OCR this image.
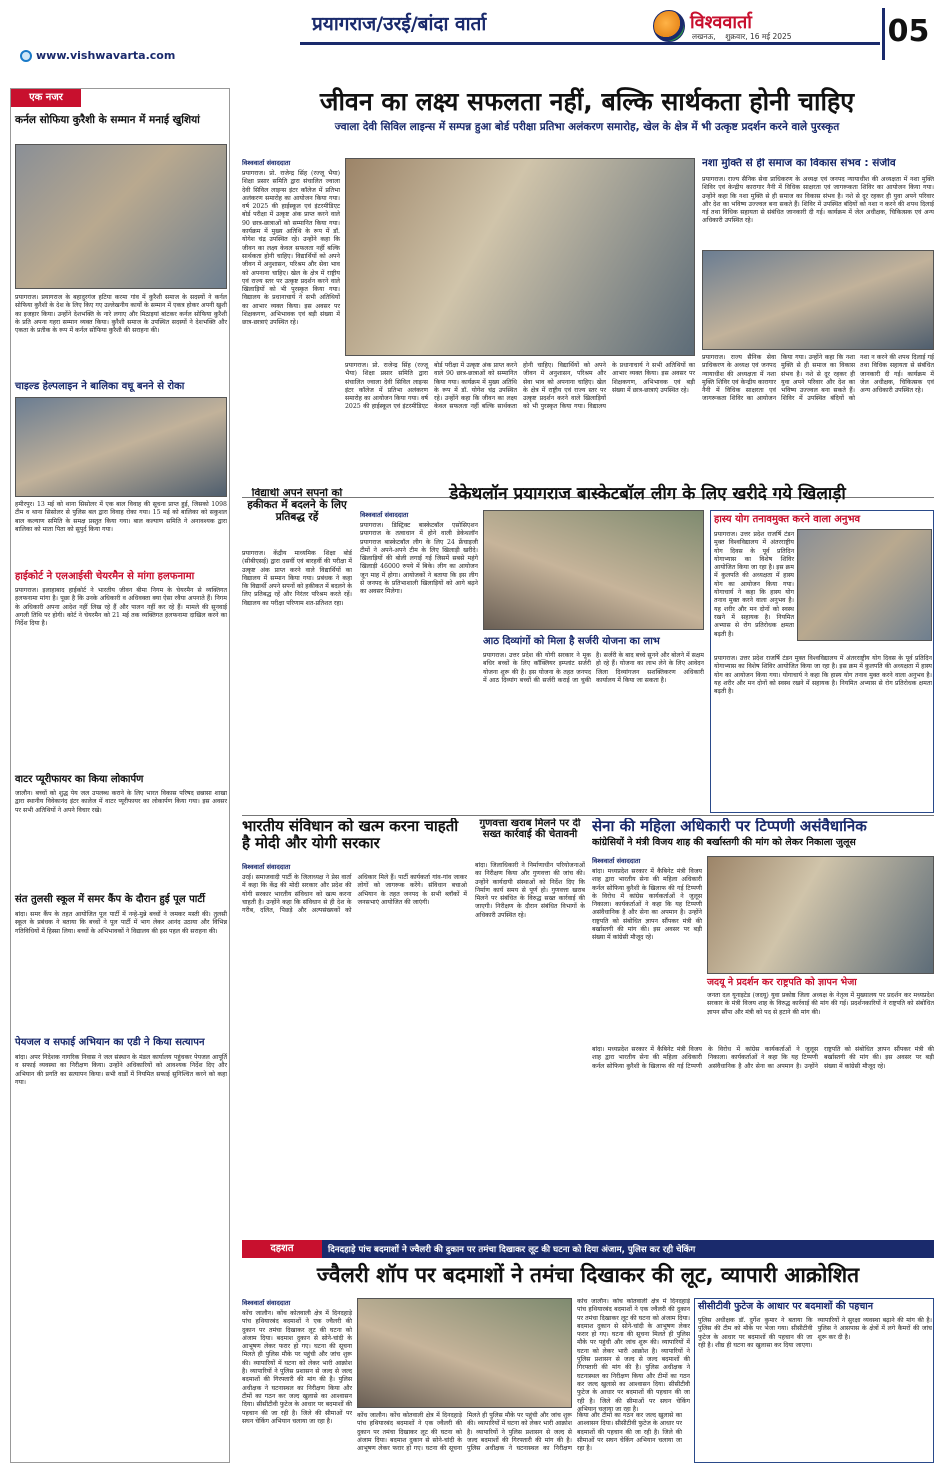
प्रयागराज/उरई/बांदा वार्ता	विश्ववार्ता
लखनऊ,    शुक्रवार, 16 मई 2025	05
www.vishwavarta.com
एक नजर
कर्नल सोफिया कुरैशी के सम्मान में मनाई खुशियां
प्रयागराज। प्रयागराज के बहादुरगंज हटिया करमा गांव में कुरैशी समाज के सदस्यों ने कर्नल सोफिया कुरैशी के देश के लिए किए गए उल्लेखनीय कार्यों के सम्मान में एकत्र होकर अपनी खुशी का इजहार किया। उन्होंने देशभक्ति के नारे लगाए और मिठाइयां बांटकर कर्नल सोफिया कुरैशी के प्रति अपना गहरा सम्मान व्यक्त किया। कुरैशी समाज के उपस्थित सदस्यों ने देशभक्ति और एकता के प्रतीक के रूप में कर्नल सोफिया कुरैशी की सराहना की।
चाइल्ड हेल्पलाइन ने बालिका वधू बनने से रोका
हमीरपुर। 13 मई को थाना सिसोलर में एक बाल विवाह की सूचना प्राप्त हुई, जिसको 1098 टीम व थाना सिसोलर से पुलिस बल द्वारा विवाह रोका गया। 15 मई को बालिका को सकुशल बाल कल्याण समिति के समक्ष प्रस्तुत किया गया। बाल कल्याण समिति ने अनावश्यक द्वारा बालिका को माता पिता को सुपुर्द किया गया।
हाईकोर्ट ने एलआईसी चेयरमैन से मांगा हलफनामा
प्रयागराज। इलाहाबाद हाईकोर्ट ने भारतीय जीवन बीमा निगम के चेयरमैन से व्यक्तिगत हलफनामा मांगा है। पूछा है कि उनके अधिकारी व अधिवक्ता क्या ऐसा रवैया अपनाते हैं। निगम के अधिकारी अपना आदेश नहीं लिख रहे हैं और पालन नहीं कर रहे हैं। मामले की सुनवाई अगली तिथि पर होगी। कोर्ट ने चेयरमैन को 21 मई तक व्यक्तिगत हलफनामा दाखिल करने का निर्देश दिया है।
वाटर प्यूरीफायर का किया लोकार्पण
जालौन। बच्चों को शुद्ध पेय जल उपलब्ध कराने के लिए भारत विकास परिषद छन्नासा शाखा द्वारा स्थानीय विवेकानंद इंटर कालेज में वाटर प्यूरीफायर का लोकार्पण किया गया। इस अवसर पर सभी अतिथियों ने अपने विचार रखे।
संत तुलसी स्कूल में समर कैंप के दौरान हुई पूल पार्टी
बांदा। समर कैंप के तहत आयोजित पूल पार्टी में नन्हे-मुन्ने बच्चों ने जमकर मस्ती की। तुलसी स्कूल के प्रबंधक ने बताया कि बच्चों ने पूल पार्टी में भाग लेकर आनंद उठाया और विभिन्न गतिविधियों में हिस्सा लिया। बच्चों के अभिभावकों ने विद्यालय की इस पहल की सराहना की।
पेयजल व सफाई अभियान का एडी ने किया सत्यापन
बांदा। अपर निदेशक नागरिक निवास ने जल संस्थान के मंडल कार्यालय पहुंचकर पेयजल आपूर्ति व सफाई व्यवस्था का निरीक्षण किया। उन्होंने अधिकारियों को आवश्यक निर्देश दिए और अभियान की प्रगति का सत्यापन किया। सभी वार्डों में नियमित सफाई सुनिश्चित करने को कहा गया।
जीवन का लक्ष्य सफलता नहीं, बल्कि सार्थकता होनी चाहिए
ज्वाला देवी सिविल लाइन्स में सम्पन्न हुआ बोर्ड परीक्षा प्रतिभा अलंकरण समारोह, खेल के क्षेत्र में भी उत्कृष्ट प्रदर्शन करने वाले पुरस्कृत
विश्ववार्ता संवाददाता
प्रयागराज। प्रो. राजेन्द्र सिंह (रज्जू भैया) शिक्षा प्रसार समिति द्वारा संचालित ज्वाला देवी सिविल लाइन्स इंटर कॉलेज में प्रतिभा अलंकरण समारोह का आयोजन किया गया। वर्ष 2025 की हाईस्कूल एवं इंटरमीडिएट बोर्ड परीक्षा में उत्कृष्ट अंक प्राप्त करने वाले 90 छात्र-छात्राओं को सम्मानित किया गया। कार्यक्रम में मुख्य अतिथि के रूप में डॉ. योगेश चंद्र उपस्थित रहे। उन्होंने कहा कि जीवन का लक्ष्य केवल सफलता नहीं बल्कि सार्थकता होनी चाहिए। विद्यार्थियों को अपने जीवन में अनुशासन, परिश्रम और सेवा भाव को अपनाना चाहिए। खेल के क्षेत्र में राष्ट्रीय एवं राज्य स्तर पर उत्कृष्ट प्रदर्शन करने वाले खिलाड़ियों को भी पुरस्कृत किया गया। विद्यालय के प्रधानाचार्य ने सभी अतिथियों का आभार व्यक्त किया। इस अवसर पर शिक्षकगण, अभिभावक एवं बड़ी संख्या में छात्र-छात्राएं उपस्थित रहे।
प्रयागराज। प्रो. राजेन्द्र सिंह (रज्जू भैया) शिक्षा प्रसार समिति द्वारा संचालित ज्वाला देवी सिविल लाइन्स इंटर कॉलेज में प्रतिभा अलंकरण समारोह का आयोजन किया गया। वर्ष 2025 की हाईस्कूल एवं इंटरमीडिएट बोर्ड परीक्षा में उत्कृष्ट अंक प्राप्त करने वाले 90 छात्र-छात्राओं को सम्मानित किया गया। कार्यक्रम में मुख्य अतिथि के रूप में डॉ. योगेश चंद्र उपस्थित रहे। उन्होंने कहा कि जीवन का लक्ष्य केवल सफलता नहीं बल्कि सार्थकता होनी चाहिए। विद्यार्थियों को अपने जीवन में अनुशासन, परिश्रम और सेवा भाव को अपनाना चाहिए। खेल के क्षेत्र में राष्ट्रीय एवं राज्य स्तर पर उत्कृष्ट प्रदर्शन करने वाले खिलाड़ियों को भी पुरस्कृत किया गया। विद्यालय के प्रधानाचार्य ने सभी अतिथियों का आभार व्यक्त किया। इस अवसर पर शिक्षकगण, अभिभावक एवं बड़ी संख्या में छात्र-छात्राएं उपस्थित रहे।
नशा मुक्ति से ही समाज का विकास संभव : संजीव
प्रयागराज। राज्य सैनिक सेवा प्राधिकरण के अध्यक्ष एवं जनपद न्यायाधीश की अध्यक्षता में नशा मुक्ति शिविर एवं केन्द्रीय कारागार नैनी में विधिक साक्षरता एवं जागरूकता शिविर का आयोजन किया गया। उन्होंने कहा कि नशा मुक्ति से ही समाज का विकास संभव है। नशे से दूर रहकर ही युवा अपने परिवार और देश का भविष्य उज्ज्वल बना सकते हैं। शिविर में उपस्थित बंदियों को नशा न करने की शपथ दिलाई गई तथा विधिक सहायता से संबंधित जानकारी दी गई। कार्यक्रम में जेल अधीक्षक, चिकित्सक एवं अन्य अधिकारी उपस्थित रहे।
प्रयागराज। राज्य सैनिक सेवा प्राधिकरण के अध्यक्ष एवं जनपद न्यायाधीश की अध्यक्षता में नशा मुक्ति शिविर एवं केन्द्रीय कारागार नैनी में विधिक साक्षरता एवं जागरूकता शिविर का आयोजन किया गया। उन्होंने कहा कि नशा मुक्ति से ही समाज का विकास संभव है। नशे से दूर रहकर ही युवा अपने परिवार और देश का भविष्य उज्ज्वल बना सकते हैं। शिविर में उपस्थित बंदियों को नशा न करने की शपथ दिलाई गई तथा विधिक सहायता से संबंधित जानकारी दी गई। कार्यक्रम में जेल अधीक्षक, चिकित्सक एवं अन्य अधिकारी उपस्थित रहे।
विद्यार्थी अपने सपनों को हकीकत में बदलने के लिए प्रतिबद्ध रहें
प्रयागराज। केंद्रीय माध्यमिक शिक्षा बोर्ड (सीबीएसई) द्वारा दसवीं एवं बारहवीं की परीक्षा में उत्कृष्ट अंक प्राप्त करने वाले विद्यार्थियों का विद्यालय में सम्मान किया गया। प्रबंधक ने कहा कि विद्यार्थी अपने सपनों को हकीकत में बदलने के लिए प्रतिबद्ध रहें और निरंतर परिश्रम करते रहें। विद्यालय का परीक्षा परिणाम शत-प्रतिशत रहा।
डेकेथलॉन प्रयागराज बास्केटबॉल लीग के लिए खरीदे गये खिलाड़ी
विश्ववार्ता संवाददाता
प्रयागराज। डिस्ट्रिक्ट बास्केटबॉल एसोसिएशन प्रयागराज के तत्वाधान में होने वाली डेकेथलॉन प्रयागराज बास्केटबॉल लीग के लिए 24 फ्रेंचाइजी टीमों ने अपने-अपने टीम के लिए खिलाड़ी खरीदे। खिलाड़ियों की बोली लगाई गई जिसमें सबसे महंगे खिलाड़ी 46000 रुपये में बिके। लीग का आयोजन जून माह में होगा। आयोजकों ने बताया कि इस लीग से जनपद के प्रतिभाशाली खिलाड़ियों को आगे बढ़ने का अवसर मिलेगा।
आठ दिव्यांगों को मिला है सर्जरी योजना का लाभ
प्रयागराज। उत्तर प्रदेश की योगी सरकार ने मूक बधिर बच्चों के लिए कॉक्लियर इम्प्लांट सर्जरी योजना शुरू की है। इस योजना के तहत जनपद में आठ दिव्यांग बच्चों की सर्जरी कराई जा चुकी है। सर्जरी के बाद बच्चे सुनने और बोलने में सक्षम हो रहे हैं। योजना का लाभ लेने के लिए आवेदन जिला दिव्यांगजन सशक्तिकरण अधिकारी कार्यालय में किया जा सकता है।
हास्य योग तनावमुक्त करने वाला अनुभव
प्रयागराज। उत्तर प्रदेश राजर्षि टंडन मुक्त विश्वविद्यालय में अंतरराष्ट्रीय योग दिवस के पूर्व प्रतिदिन योगाभ्यास का विशेष शिविर आयोजित किया जा रहा है। इस क्रम में कुलपति की अध्यक्षता में हास्य योग का आयोजन किया गया। योगाचार्य ने कहा कि हास्य योग तनाव मुक्त करने वाला अनुभव है। यह शरीर और मन दोनों को स्वस्थ रखने में सहायक है। नियमित अभ्यास से रोग प्रतिरोधक क्षमता बढ़ती है।
प्रयागराज। उत्तर प्रदेश राजर्षि टंडन मुक्त विश्वविद्यालय में अंतरराष्ट्रीय योग दिवस के पूर्व प्रतिदिन योगाभ्यास का विशेष शिविर आयोजित किया जा रहा है। इस क्रम में कुलपति की अध्यक्षता में हास्य योग का आयोजन किया गया। योगाचार्य ने कहा कि हास्य योग तनाव मुक्त करने वाला अनुभव है। यह शरीर और मन दोनों को स्वस्थ रखने में सहायक है। नियमित अभ्यास से रोग प्रतिरोधक क्षमता बढ़ती है।
भारतीय संविधान को खत्म करना चाहती है मोदी और योगी सरकार
विश्ववार्ता संवाददाता
उरई। समाजवादी पार्टी के जिलाध्यक्ष ने प्रेस वार्ता में कहा कि केंद्र की मोदी सरकार और प्रदेश की योगी सरकार भारतीय संविधान को खत्म करना चाहती है। उन्होंने कहा कि संविधान से ही देश के गरीब, दलित, पिछड़े और अल्पसंख्यकों को अधिकार मिले हैं। पार्टी कार्यकर्ता गांव-गांव जाकर लोगों को जागरूक करेंगे। संविधान बचाओ अभियान के तहत जनपद के सभी ब्लॉकों में जनसभाएं आयोजित की जाएंगी।
गुणवत्ता खराब मिलने पर दी सख्त कार्रवाई की चेतावनी
बांदा। जिलाधिकारी ने निर्माणाधीन परियोजनाओं का निरीक्षण किया और गुणवत्ता की जांच की। उन्होंने कार्यदायी संस्थाओं को निर्देश दिए कि निर्माण कार्य समय से पूर्ण हो। गुणवत्ता खराब मिलने पर संबंधित के विरुद्ध सख्त कार्रवाई की जाएगी। निरीक्षण के दौरान संबंधित विभागों के अधिकारी उपस्थित रहे।
सेना की महिला अधिकारी पर टिप्पणी असंवैधानिक
कांग्रेसियों ने मंत्री विजय शाह की बर्खास्तगी की मांग को लेकर निकाला जुलूस
विश्ववार्ता संवाददाता
बांदा। मध्यप्रदेश सरकार में कैबिनेट मंत्री विजय शाह द्वारा भारतीय सेना की महिला अधिकारी कर्नल सोफिया कुरैशी के खिलाफ की गई टिप्पणी के विरोध में कांग्रेस कार्यकर्ताओं ने जुलूस निकाला। कार्यकर्ताओं ने कहा कि यह टिप्पणी असंवैधानिक है और सेना का अपमान है। उन्होंने राष्ट्रपति को संबोधित ज्ञापन सौंपकर मंत्री की बर्खास्तगी की मांग की। इस अवसर पर बड़ी संख्या में कांग्रेसी मौजूद रहे।
जदयू ने प्रदर्शन कर राष्ट्रपति को ज्ञापन भेजा
जनता दल यूनाइटेड (जदयू) युवा प्रकोष्ठ जिला अध्यक्ष के नेतृत्व में मुख्यालय पर प्रदर्शन कर मध्यप्रदेश सरकार के मंत्री विजय शाह के विरुद्ध कार्रवाई की मांग की गई। प्रदर्शनकारियों ने राष्ट्रपति को संबोधित ज्ञापन सौंपा और मंत्री को पद से हटाने की मांग की।
बांदा। मध्यप्रदेश सरकार में कैबिनेट मंत्री विजय शाह द्वारा भारतीय सेना की महिला अधिकारी कर्नल सोफिया कुरैशी के खिलाफ की गई टिप्पणी के विरोध में कांग्रेस कार्यकर्ताओं ने जुलूस निकाला। कार्यकर्ताओं ने कहा कि यह टिप्पणी असंवैधानिक है और सेना का अपमान है। उन्होंने राष्ट्रपति को संबोधित ज्ञापन सौंपकर मंत्री की बर्खास्तगी की मांग की। इस अवसर पर बड़ी संख्या में कांग्रेसी मौजूद रहे।
दहशत	दिनदहाड़े पांच बदमाशों ने ज्वैलरी की दुकान पर तमंचा दिखाकर लूट की घटना को दिया अंजाम, पुलिस कर रही चेकिंग
ज्वैलरी शॉप पर बदमाशों ने तमंचा दिखाकर की लूट, व्यापारी आक्रोशित
विश्ववार्ता संवाददाता
कोंच जालौन। कोंच कोतवाली क्षेत्र में दिनदहाड़े पांच हथियारबंद बदमाशों ने एक ज्वैलरी की दुकान पर तमंचा दिखाकर लूट की घटना को अंजाम दिया। बदमाश दुकान से सोने-चांदी के आभूषण लेकर फरार हो गए। घटना की सूचना मिलते ही पुलिस मौके पर पहुंची और जांच शुरू की। व्यापारियों में घटना को लेकर भारी आक्रोश है। व्यापारियों ने पुलिस प्रशासन से जल्द से जल्द बदमाशों की गिरफ्तारी की मांग की है। पुलिस अधीक्षक ने घटनास्थल का निरीक्षण किया और टीमों का गठन कर जल्द खुलासे का आश्वासन दिया। सीसीटीवी फुटेज के आधार पर बदमाशों की पहचान की जा रही है। जिले की सीमाओं पर सघन चेकिंग अभियान चलाया जा रहा है।
कोंच जालौन। कोंच कोतवाली क्षेत्र में दिनदहाड़े पांच हथियारबंद बदमाशों ने एक ज्वैलरी की दुकान पर तमंचा दिखाकर लूट की घटना को अंजाम दिया। बदमाश दुकान से सोने-चांदी के आभूषण लेकर फरार हो गए। घटना की सूचना मिलते ही पुलिस मौके पर पहुंची और जांच शुरू की। व्यापारियों में घटना को लेकर भारी आक्रोश है। व्यापारियों ने पुलिस प्रशासन से जल्द से जल्द बदमाशों की गिरफ्तारी की मांग की है। पुलिस अधीक्षक ने घटनास्थल का निरीक्षण किया और टीमों का गठन कर जल्द खुलासे का आश्वासन दिया। सीसीटीवी फुटेज के आधार पर बदमाशों की पहचान की जा रही है। जिले की सीमाओं पर सघन चेकिंग अभियान चलाया जा रहा है।
कोंच जालौन। कोंच कोतवाली क्षेत्र में दिनदहाड़े पांच हथियारबंद बदमाशों ने एक ज्वैलरी की दुकान पर तमंचा दिखाकर लूट की घटना को अंजाम दिया। बदमाश दुकान से सोने-चांदी के आभूषण लेकर फरार हो गए। घटना की सूचना मिलते ही पुलिस मौके पर पहुंची और जांच शुरू की। व्यापारियों में घटना को लेकर भारी आक्रोश है। व्यापारियों ने पुलिस प्रशासन से जल्द से जल्द बदमाशों की गिरफ्तारी की मांग की है। पुलिस अधीक्षक ने घटनास्थल का निरीक्षण किया और टीमों का गठन कर जल्द खुलासे का आश्वासन दिया। सीसीटीवी फुटेज के आधार पर बदमाशों की पहचान की जा रही है। जिले की सीमाओं पर सघन चेकिंग अभियान चलाया जा रहा है।
सीसीटीवी फुटेज के आधार पर बदमाशों की पहचान
पुलिस अधीक्षक डॉ. दुर्गेश कुमार ने बताया कि पुलिस की टीम को मौके पर भेजा गया। सीसीटीवी फुटेज के आधार पर बदमाशों की पहचान की जा रही है। शीघ्र ही घटना का खुलासा कर दिया जाएगा। व्यापारियों ने सुरक्षा व्यवस्था बढ़ाने की मांग की है। पुलिस ने आसपास के क्षेत्रों में लगे कैमरों की जांच शुरू कर दी है।
